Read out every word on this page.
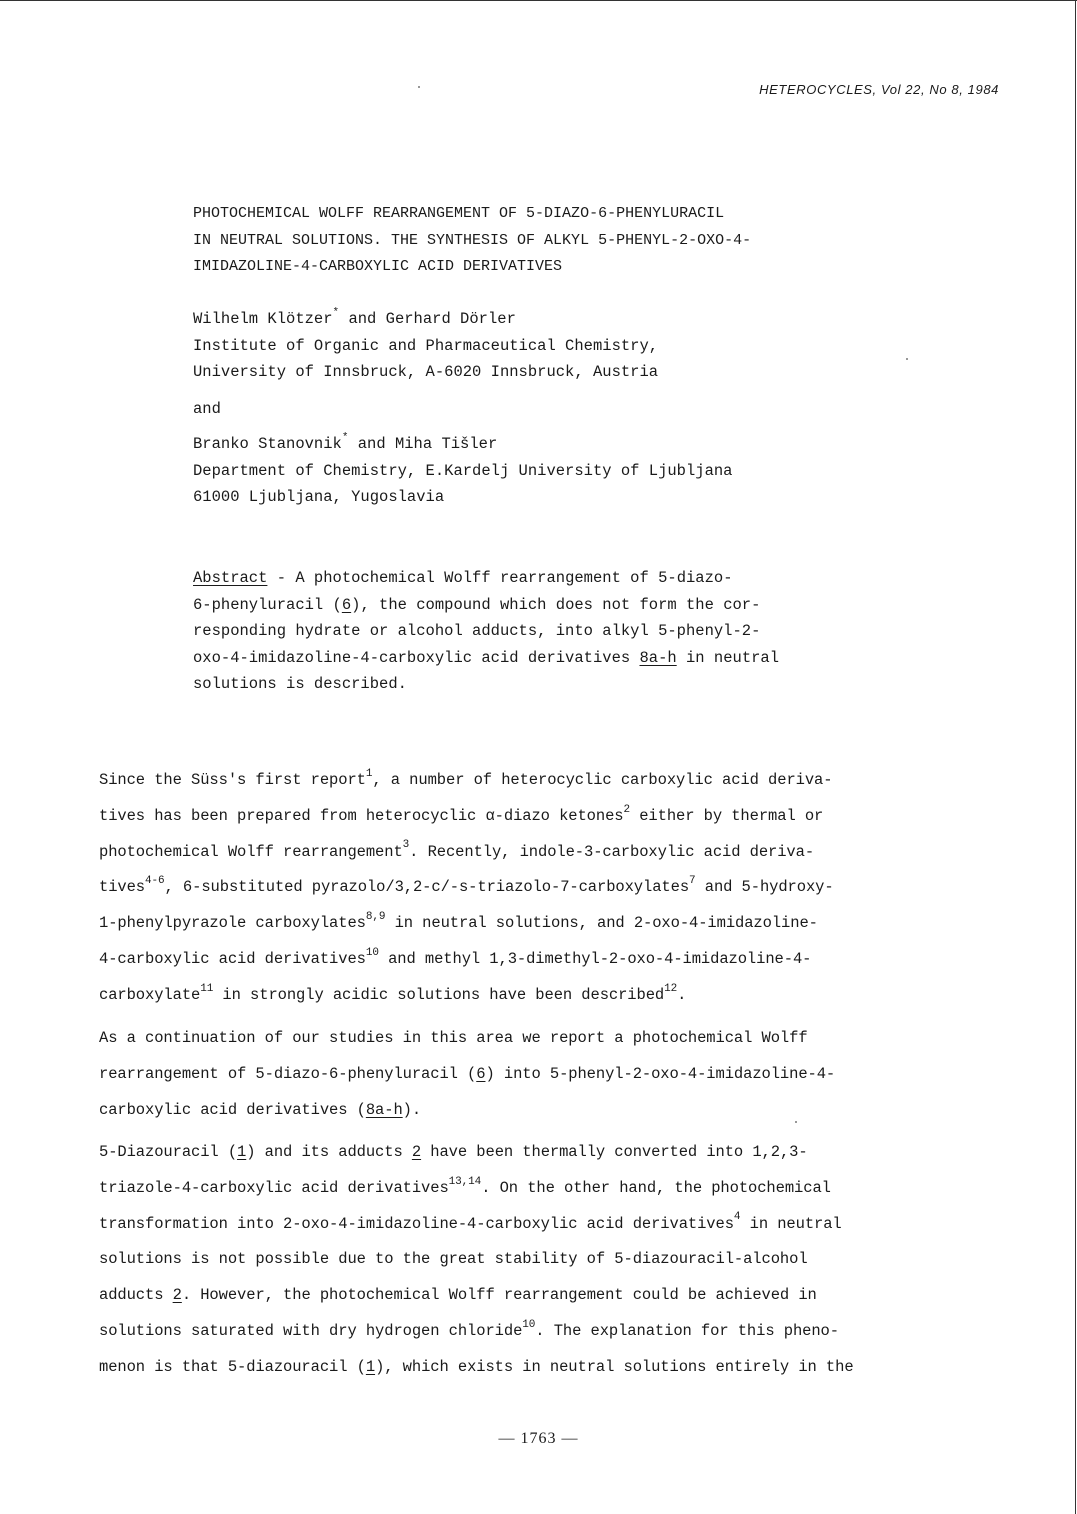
HETEROCYCLES, Vol 22, No 8, 1984
PHOTOCHEMICAL WOLFF REARRANGEMENT OF 5-DIAZO-6-PHENYLURACIL
IN NEUTRAL SOLUTIONS. THE SYNTHESIS OF ALKYL 5-PHENYL-2-OXO-4-
IMIDAZOLINE-4-CARBOXYLIC ACID DERIVATIVES
Wilhelm Klötzer* and Gerhard Dörler
Institute of Organic and Pharmaceutical Chemistry,
University of Innsbruck, A-6020 Innsbruck, Austria
and
Branko Stanovnik* and Miha Tišler
Department of Chemistry, E.Kardelj University of Ljubljana
61000 Ljubljana, Yugoslavia
Abstract - A photochemical Wolff rearrangement of 5-diazo-
6-phenyluracil (6), the compound which does not form the cor-
responding hydrate or alcohol adducts, into alkyl 5-phenyl-2-
oxo-4-imidazoline-4-carboxylic acid derivatives 8a-h in neutral
solutions is described.
Since the Süss's first report$^1$, a number of heterocyclic carboxylic acid deriva-
tives has been prepared from heterocyclic α-diazo ketones$^2$ either by thermal or
photochemical Wolff rearrangement$^3$. Recently, indole-3-carboxylic acid deriva-
tives$^{4-6}$, 6-substituted pyrazolo/3,2-c/-s-triazolo-7-carboxylates$^7$ and 5-hydroxy-
1-phenylpyrazole carboxylates$^{8,9}$ in neutral solutions, and 2-oxo-4-imidazoline-
4-carboxylic acid derivatives$^{10}$ and methyl 1,3-dimethyl-2-oxo-4-imidazoline-4-
carboxylate$^{11}$ in strongly acidic solutions have been described$^{12}$.
As a continuation of our studies in this area we report a photochemical Wolff
rearrangement of 5-diazo-6-phenyluracil (6) into 5-phenyl-2-oxo-4-imidazoline-4-
carboxylic acid derivatives (8a-h).
5-Diazouracil (1) and its adducts 2 have been thermally converted into 1,2,3-
triazole-4-carboxylic acid derivatives$^{13,14}$. On the other hand, the photochemical
transformation into 2-oxo-4-imidazoline-4-carboxylic acid derivatives$^4$ in neutral
solutions is not possible due to the great stability of 5-diazouracil-alcohol
adducts 2. However, the photochemical Wolff rearrangement could be achieved in
solutions saturated with dry hydrogen chloride$^{10}$. The explanation for this pheno-
menon is that 5-diazouracil (1), which exists in neutral solutions entirely in the
— 1763 —
